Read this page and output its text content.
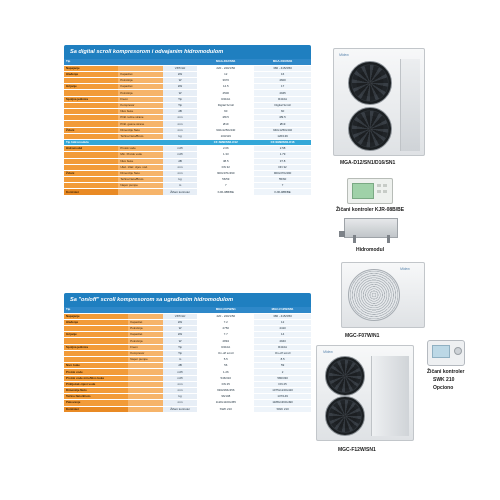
Sa digital scroll kompresorom i odvajanim hidromodulom
Tip			MGA-D12/SN1	MGA-D16/SN1
Napajanje		V/Ph/Hz	220 - 240/1/50	380 - 415/3/50
Hlađenje	Kapacitet	kW	12	16
	Potrošnja	W	3970	4600
Grijanje	Kapacitet	kW	14.5	17
	Potrošnja	W	4500	4945
Spoljna jedinica	Freon	Tip	R410A	R410A
	Kompresor	Tip	Digital Scroll	Digital Scroll
	Nivo buke	dB	60	60
	Prikl. tečne strane	mm	Ø9.5	Ø9.5
	Prikl. gasne strane	mm	Ø19	Ø19
Žičani	Dimenzije Neto	mm	940x1250x340	940x1250x340
	Težina Neto/Bruto	kg	103/119	126/139
Tip hidromodula			CF-SMB/SN1-D12	CF-SMB/SN1-D16
Hidromodul	Protok vode	m³/h	2.06	2.58
	Min. Protok vode	m³/h	1.33	1.79
	Nivo buke	dB	38.5	37.8
	Ulaz. izlaz. cijev. vod.	mm	DN 32	DN 32
Žičani	Dimenzije Neto	mm	900x370x390	900x370x390
	Težina Neto/Bruto	kg	56/59	55/60
	Napor pumpe	m	7	7
Kontroler		Žičani kontroler	KJR-08B/BE	KJR-08B/BE
Sa "on/off" scroll kompresorom sa ugrađenim hidromodulom
Tip			MGC-F07W/N1	MGC-F12W/SN1
Napajanje		V/Ph/Hz	220 - 240/1/50	380 - 415/3/50
Hlađenje	Kapacitet	kW	7.2	12
	Potrošnja	W	2750	4410
Grijanje	Kapacitet	kW	7.7	14
	Potrošnja	W	2894	4943
Spoljna jedinica	Freon	Tip	R410A	R410A
	Kompresor	Tip	On-off scroll	On-off scroll
	Napor pumpe	m	5.5	8.5
Nivo buke		dB	56	59
Protok vode		m³/h	1.26	2
Protok vode min./Nivo buke		m³/h	546/316	580/330
Priključak cijevi vode		mm	DN 25	DN 25
Dimenzije Neto		mm	994x966x356	1075x1240x420
Težina Neto/Bruto		kg	96/108	137/149
Pakovanje		mm	1120x1100x455	1188x1360x490
Kontroler		Žičani kontroler	SWK 210	SWK 210
Midea
MGA-D12/SN1/D16/SN1
Žičani kontroler KJR-08B/BE
Hidromodul
Midea
MGC-F07W/N1
Žičani kontroler
SWK 210
Opciono
Midea
MGC-F12W/SN1
